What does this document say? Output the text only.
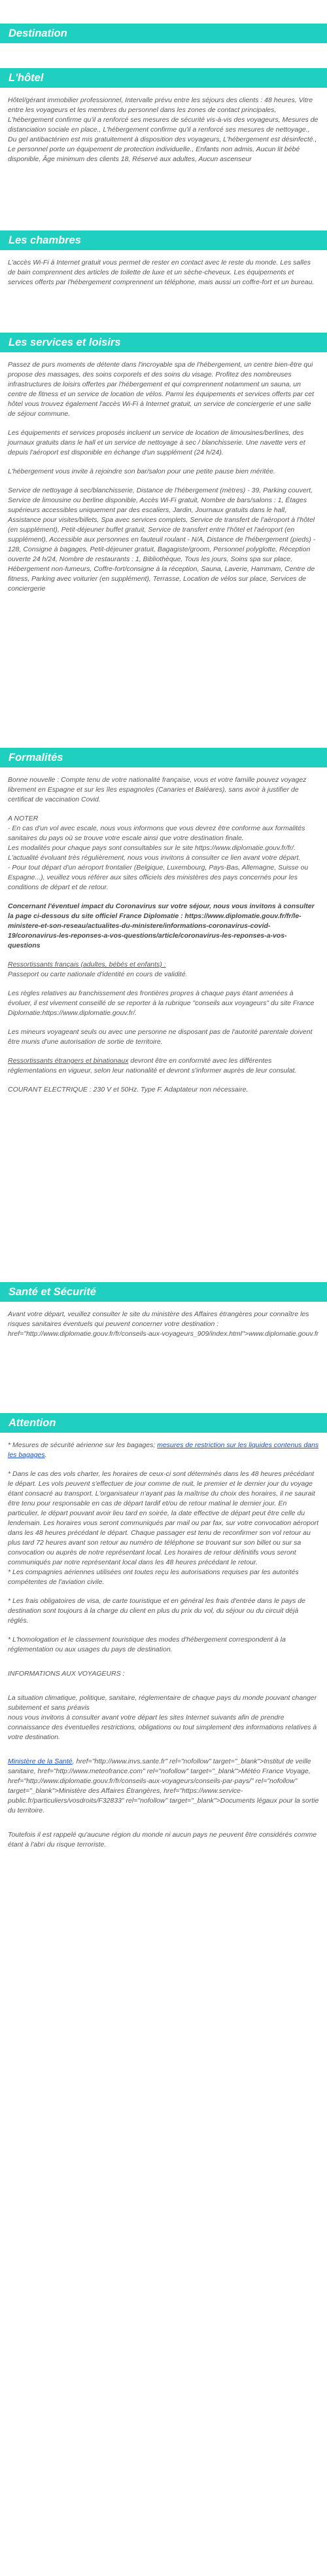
Destination
L'hôtel

Hôtel/gérant immobilier professionnel, Intervalle prévu entre les séjours des clients : 48 heures, Vitre entre les voyageurs et les membres du personnel dans les zones de contact principales, L'hébergement confirme qu'il a renforcé ses mesures de sécurité vis-à-vis des voyageurs, Mesures de distanciation sociale en place., L'hébergement confirme qu'il a renforcé ses mesures de nettoyage., Du gel antibactérien est mis gratuitement à disposition des voyageurs, L'hébergement est désinfecté., Le personnel porte un équipement de protection individuelle., Enfants non admis, Aucun lit bébé disponible, Âge minimum des clients 18, Réservé aux adultes, Aucun ascenseur

Les chambres

L'accès Wi-Fi à Internet gratuit vous permet de rester en contact avec le reste du monde. Les salles de bain comprennent des articles de toilette de luxe et un sèche-cheveux. Les équipements et services offerts par l'hébergement comprennent un téléphone, mais aussi un coffre-fort et un bureau.

Les services et loisirs

Passez de purs moments de détente dans l'incroyable spa de l'hébergement, un centre bien-être qui propose des massages, des soins corporels et des soins du visage. Profitez des nombreuses infrastructures de loisirs offertes par l'hébergement et qui comprennent notamment un sauna, un centre de fitness et un service de location de vélos. Parmi les équipements et services offerts par cet hôtel vous trouvez également l'accès Wi-Fi à Internet gratuit, un service de conciergerie et une salle de séjour commune.

Les équipements et services proposés incluent un service de location de limousines/berlines, des journaux gratuits dans le hall et un service de nettoyage à sec / blanchisserie. Une navette vers et depuis l'aéroport est disponible en échange d'un supplément (24 h/24).

L'hébergement vous invite à rejoindre son bar/salon pour une petite pause bien méritée.

Service de nettoyage à sec/blanchisserie, Distance de l'hébergement (mètres) - 39, Parking couvert, Service de limousine ou berline disponible, Accès Wi-Fi gratuit, Nombre de bars/salons : 1, Étages supérieurs accessibles uniquement par des escaliers, Jardin, Journaux gratuits dans le hall, Assistance pour visites/billets, Spa avec services complets, Service de transfert de l'aéroport à l'hôtel (en supplément), Petit-déjeuner buffet gratuit, Service de transfert entre l'hôtel et l'aéroport (en supplément), Accessible aux personnes en fauteuil roulant - N/A, Distance de l'hébergement (pieds) - 128, Consigne à bagages, Petit-déjeuner gratuit, Bagagiste/groom, Personnel polyglotte, Réception ouverte 24 h/24, Nombre de restaurants : 1, Bibliothèque, Tous les jours, Soins spa sur place, Hébergement non-fumeurs, Coffre-fort/consigne à la réception, Sauna, Laverie, Hammam, Centre de fitness, Parking avec voiturier (en supplément), Terrasse, Location de vélos sur place, Services de conciergerie

Formalités

Bonne nouvelle : Compte tenu de votre nationalité française, vous et votre famille pouvez voyagez librement en Espagne et sur les îles espagnoles (Canaries et Baléares), sans avoir à justifier de certificat de vaccination Covid.

A NOTER

- En cas d'un vol avec escale, nous vous informons que vous devrez être conforme aux formalités sanitaires du pays où se trouve votre escale ainsi que votre destination finale.
Les modalités pour chaque pays sont consultables sur le site https://www.diplomatie.gouv.fr/fr/. L'actualité évoluant très régulièrement, nous vous invitons à consulter ce lien avant votre départ.
- Pour tout départ d'un aéroport frontalier (Belgique, Luxembourg, Pays-Bas, Allemagne, Suisse ou Espagne...), veuillez vous référer aux sites officiels des ministères des pays concernés pour les conditions de départ et de retour.

Concernant l'éventuel impact du Coronavirus sur votre séjour, nous vous invitons à consulter la page ci-dessous du site officiel France Diplomatie : https://www.diplomatie.gouv.fr/fr/le-ministere-et-son-reseau/actualites-du-ministere/informations-coronavirus-covid-19/coronavirus-les-reponses-a-vos-questions/article/coronavirus-les-reponses-a-vos-questions

Ressortissants français (adultes, bébés et enfants) :
Passeport ou carte nationale d'identité en cours de validité.

Les règles relatives au franchissement des frontières propres à chaque pays étant amenées à évoluer, il est vivement conseillé de se reporter à la rubrique "conseils aux voyageurs" du site France Diplomatie:https://www.diplomatie.gouv.fr/.

Les mineurs voyageant seuls ou avec une personne ne disposant pas de l'autorité parentale doivent être munis d'une autorisation de sortie de territoire.

Ressortissants étrangers et binationaux devront être en conformité avec les différentes réglementations en vigueur, selon leur nationalité et devront s'informer auprès de leur consulat.

COURANT ELECTRIQUE : 230 V et 50Hz. Type F. Adaptateur non nécessaire.

Santé et Sécurité

Avant votre départ, veuillez consulter le site du ministère des Affaires étrangères pour connaître les risques sanitaires éventuels qui peuvent concerner votre destination : href="http://www.diplomatie.gouv.fr/fr/conseils-aux-voyageurs_909/index.html">www.diplomatie.gouv.fr

Attention

* Mesures de sécurité aérienne sur les bagages; mesures de restriction sur les liquides contenus dans les bagages.

* Dans le cas des vols charter, les horaires de ceux-ci sont déterminés dans les 48 heures précédant le départ. Les vols peuvent s'effectuer de jour comme de nuit, le premier et le dernier jour du voyage étant consacré au transport. L'organisateur n'ayant pas la maîtrise du choix des horaires, il ne saurait être tenu pour responsable en cas de départ tardif et/ou de retour matinal le dernier jour. En particulier, le départ pouvant avoir lieu tard en soirée, la date effective de départ peut être celle du lendemain. Les horaires vous seront communiqués par mail ou par fax, sur votre convocation aéroport dans les 48 heures précédant le départ. Chaque passager est tenu de reconfirmer son vol retour au plus tard 72 heures avant son retour au numéro de téléphone se trouvant sur son billet ou sur sa convocation ou auprès de notre représentant local. Les horaires de retour définitifs vous seront communiqués par notre représentant local dans les 48 heures précédant le retour.
* Les compagnies aériennes utilisées ont toutes reçu les autorisations requises par les autorités compétentes de l'aviation civile.

* Les frais obligatoires de visa, de carte touristique et en général les frais d'entrée dans le pays de destination sont toujours à la charge du client en plus du prix du vol, du séjour ou du circuit déjà réglés.

* L'homologation et le classement touristique des modes d'hébergement correspondent à la réglementation ou aux usages du pays de destination.

INFORMATIONS AUX VOYAGEURS :

La situation climatique, politique, sanitaire, réglementaire de chaque pays du monde pouvant changer subitement et sans préavis
nous vous invitons à consulter avant votre départ les sites Internet suivants afin de prendre connaissance des éventuelles restrictions, obligations ou tout simplement des informations relatives à votre destination.

Ministère de la Santé, href="http://www.invs.sante.fr" rel="nofollow" target="_blank">Institut de veille sanitaire, href="http://www.meteofrance.com" rel="nofollow" target="_blank">Météo France Voyage, href="http://www.diplomatie.gouv.fr/fr/conseils-aux-voyageurs/conseils-par-pays/" rel="nofollow" target="_blank">Ministère des Affaires Étrangères, href="https://www.service-public.fr/particuliers/vosdroits/F32833" rel="nofollow" target="_blank">Documents légaux pour la sortie du territoire.

Toutefois il est rappelé qu'aucune région du monde ni aucun pays ne peuvent être considérés comme étant à l'abri du risque terroriste.
